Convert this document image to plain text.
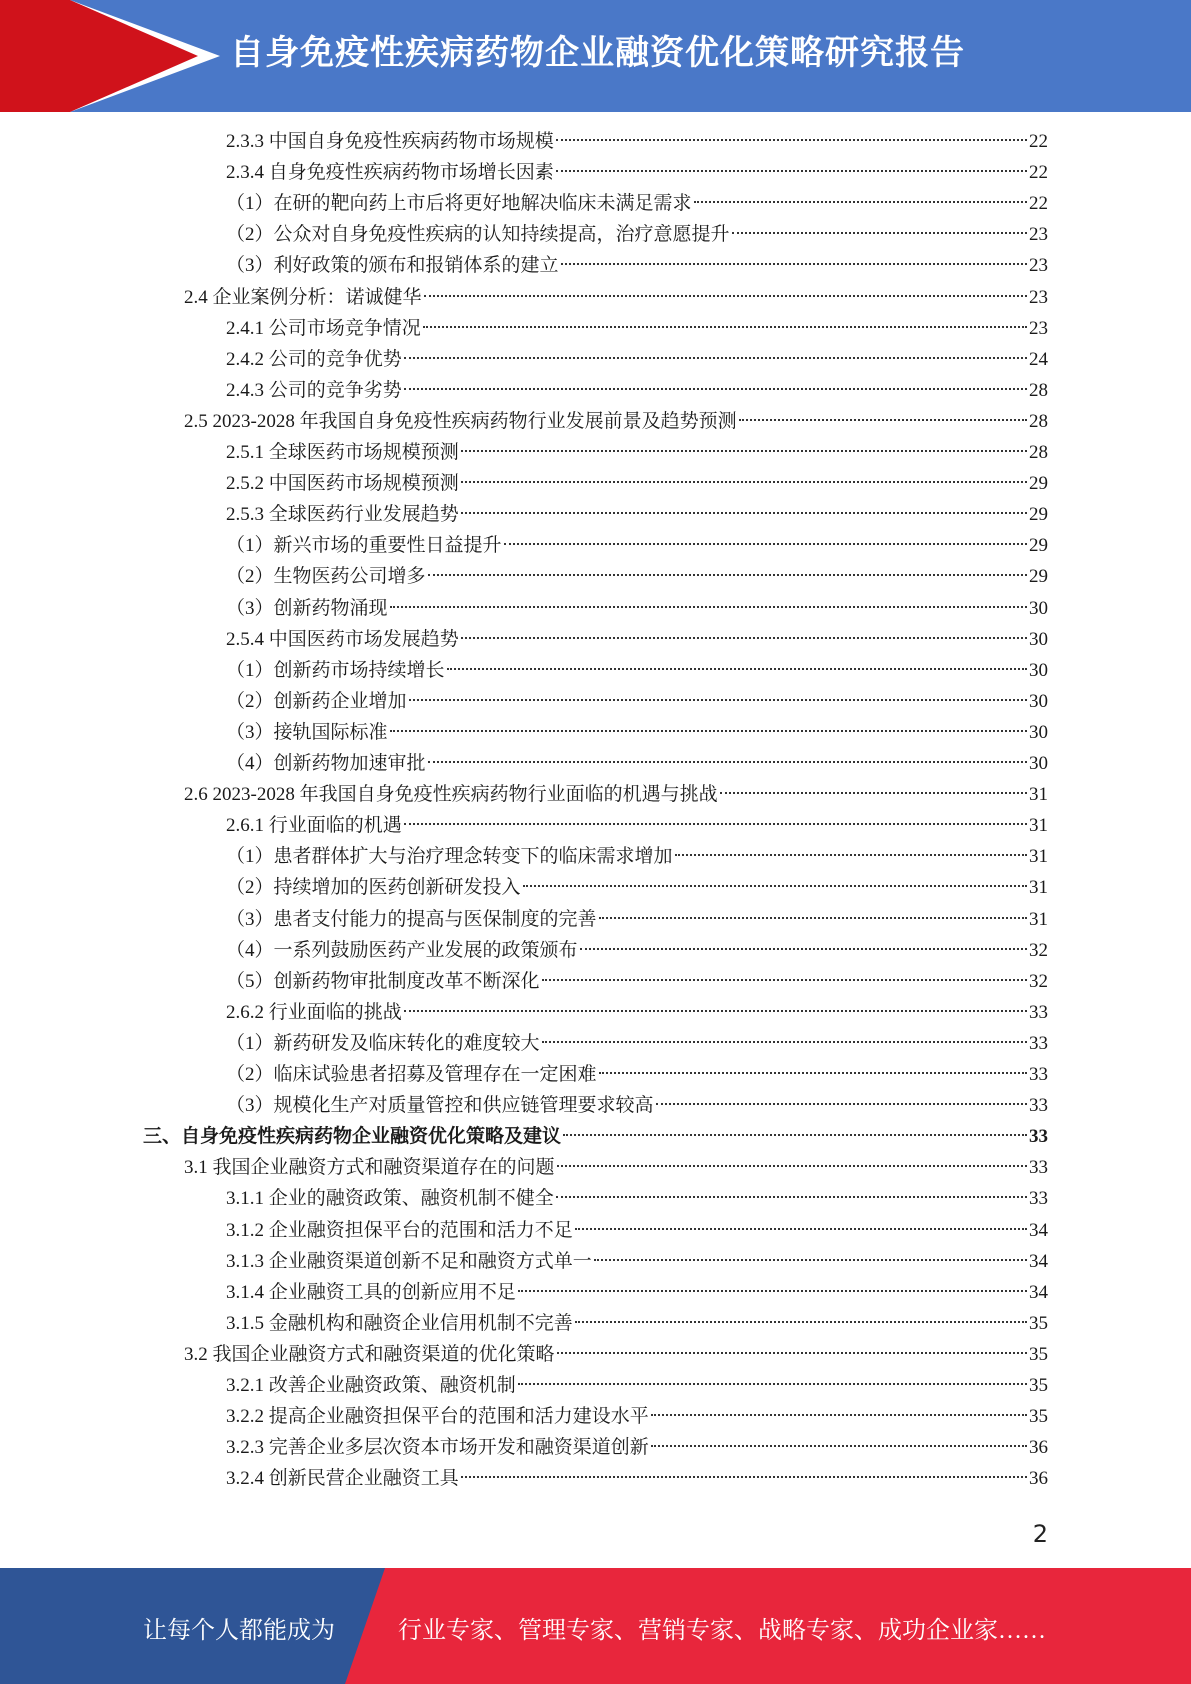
自身免疫性疾病药物企业融资优化策略研究报告
2.3.3 中国自身免疫性疾病药物市场规模	22
2.3.4 自身免疫性疾病药物市场增长因素	22
（1）在研的靶向药上市后将更好地解决临床未满足需求	22
（2）公众对自身免疫性疾病的认知持续提高，治疗意愿提升	23
（3）利好政策的颁布和报销体系的建立	23
2.4 企业案例分析：诺诚健华	23
2.4.1 公司市场竞争情况	23
2.4.2 公司的竞争优势	24
2.4.3 公司的竞争劣势	28
2.5 2023-2028 年我国自身免疫性疾病药物行业发展前景及趋势预测	28
2.5.1 全球医药市场规模预测	28
2.5.2 中国医药市场规模预测	29
2.5.3 全球医药行业发展趋势	29
（1）新兴市场的重要性日益提升	29
（2）生物医药公司增多	29
（3）创新药物涌现	30
2.5.4 中国医药市场发展趋势	30
（1）创新药市场持续增长	30
（2）创新药企业增加	30
（3）接轨国际标准	30
（4）创新药物加速审批	30
2.6 2023-2028 年我国自身免疫性疾病药物行业面临的机遇与挑战	31
2.6.1 行业面临的机遇	31
（1）患者群体扩大与治疗理念转变下的临床需求增加	31
（2）持续增加的医药创新研发投入	31
（3）患者支付能力的提高与医保制度的完善	31
（4）一系列鼓励医药产业发展的政策颁布	32
（5）创新药物审批制度改革不断深化	32
2.6.2 行业面临的挑战	33
（1）新药研发及临床转化的难度较大	33
（2）临床试验患者招募及管理存在一定困难	33
（3）规模化生产对质量管控和供应链管理要求较高	33
三、自身免疫性疾病药物企业融资优化策略及建议	33
3.1 我国企业融资方式和融资渠道存在的问题	33
3.1.1 企业的融资政策、融资机制不健全	33
3.1.2 企业融资担保平台的范围和活力不足	34
3.1.3 企业融资渠道创新不足和融资方式单一	34
3.1.4 企业融资工具的创新应用不足	34
3.1.5 金融机构和融资企业信用机制不完善	35
3.2 我国企业融资方式和融资渠道的优化策略	35
3.2.1 改善企业融资政策、融资机制	35
3.2.2 提高企业融资担保平台的范围和活力建设水平	35
3.2.3 完善企业多层次资本市场开发和融资渠道创新	36
3.2.4 创新民营企业融资工具	36
2
让每个人都能成为	行业专家、管理专家、营销专家、战略专家、成功企业家……
